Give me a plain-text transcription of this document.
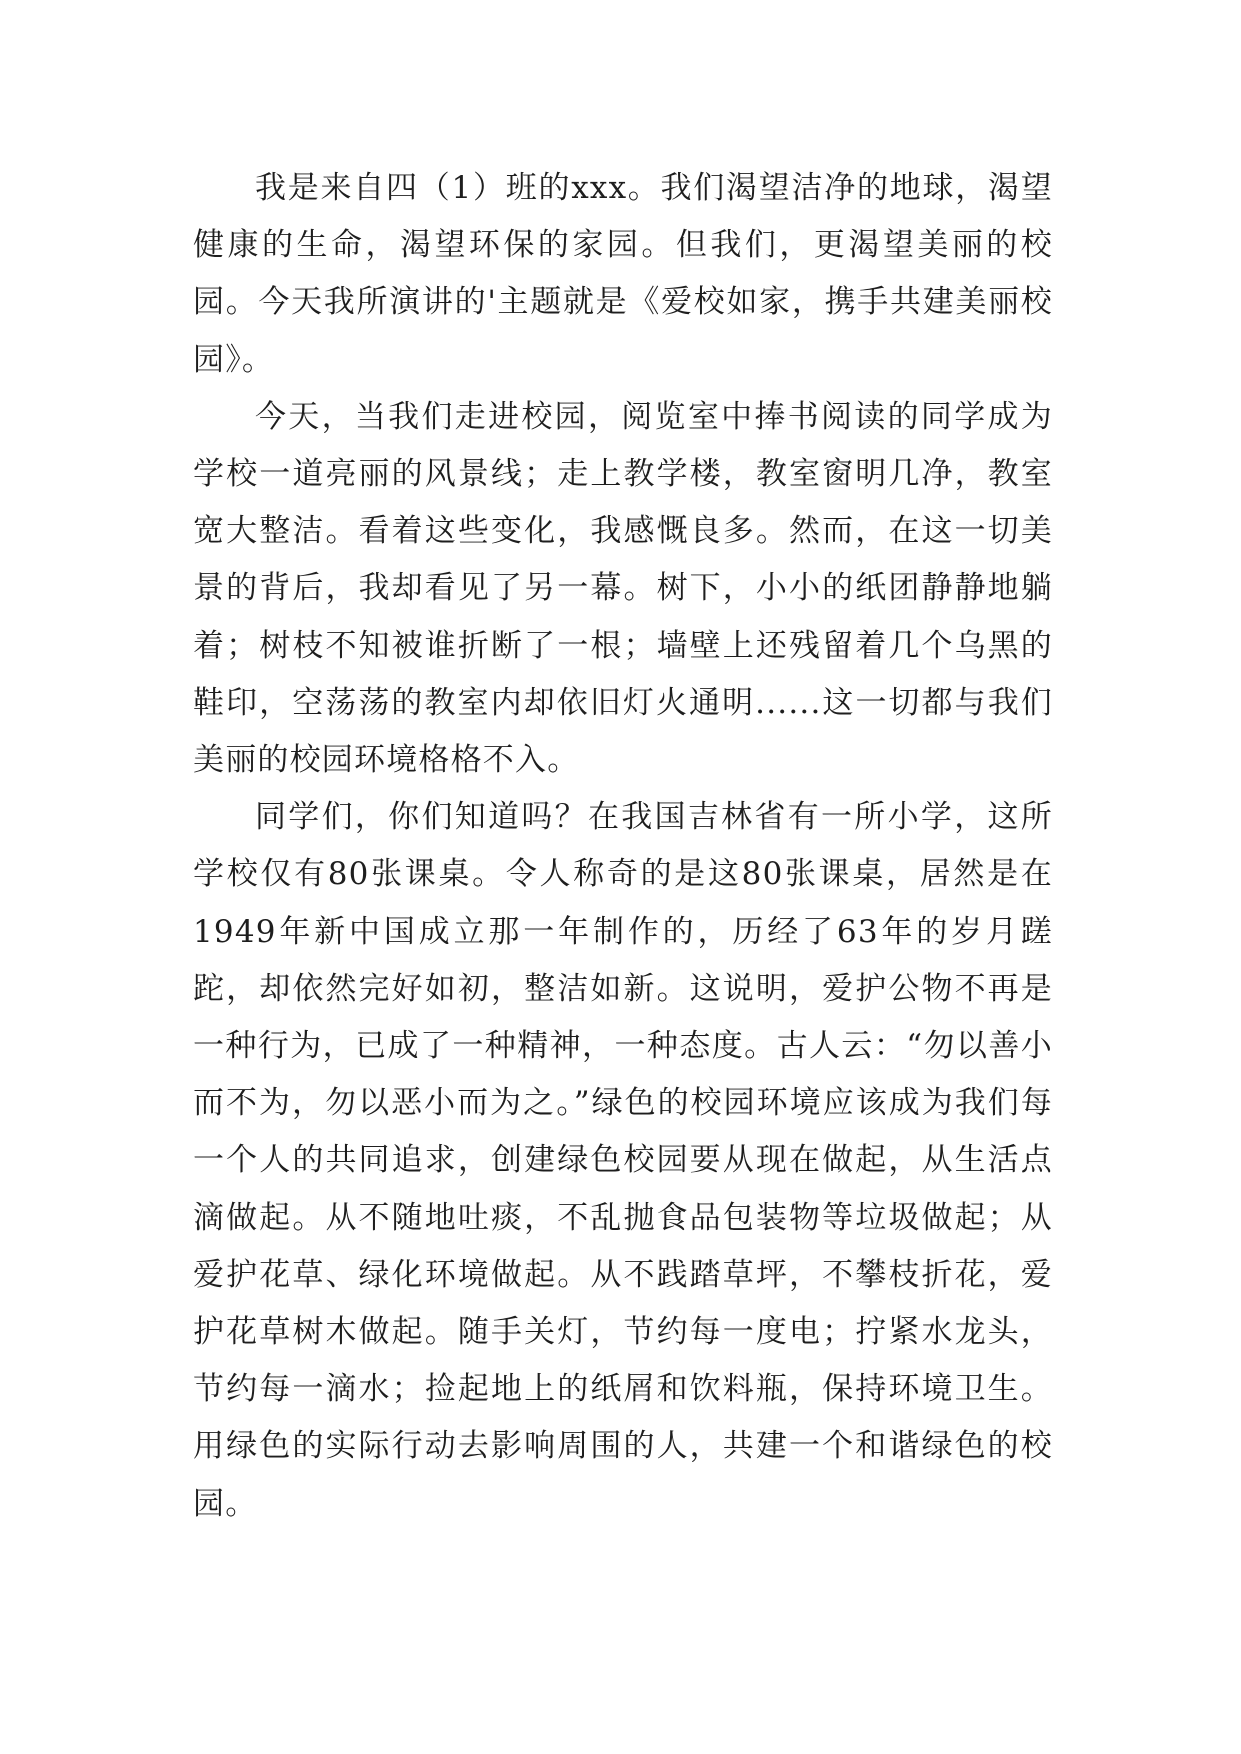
我是来自四（1）班的xxx。我们渴望洁净的地球，渴望健康的生命，渴望环保的家园。但我们，更渴望美丽的校园。今天我所演讲的'主题就是《爱校如家，携手共建美丽校园》。

今天，当我们走进校园，阅览室中捧书阅读的同学成为学校一道亮丽的风景线；走上教学楼，教室窗明几净，教室宽大整洁。看着这些变化，我感慨良多。然而，在这一切美景的背后，我却看见了另一幕。树下，小小的纸团静静地躺着；树枝不知被谁折断了一根；墙壁上还残留着几个乌黑的鞋印，空荡荡的教室内却依旧灯火通明......这一切都与我们美丽的校园环境格格不入。

同学们，你们知道吗？在我国吉林省有一所小学，这所学校仅有80张课桌。令人称奇的是这80张课桌，居然是在1949年新中国成立那一年制作的，历经了63年的岁月蹉跎，却依然完好如初，整洁如新。这说明，爱护公物不再是一种行为，已成了一种精神，一种态度。古人云：“勿以善小而不为，勿以恶小而为之。”绿色的校园环境应该成为我们每一个人的共同追求，创建绿色校园要从现在做起，从生活点滴做起。从不随地吐痰，不乱抛食品包装物等垃圾做起；从爱护花草、绿化环境做起。从不践踏草坪，不攀枝折花，爱护花草树木做起。随手关灯，节约每一度电；拧紧水龙头，节约每一滴水；捡起地上的纸屑和饮料瓶，保持环境卫生。用绿色的实际行动去影响周围的人，共建一个和谐绿色的校园。
